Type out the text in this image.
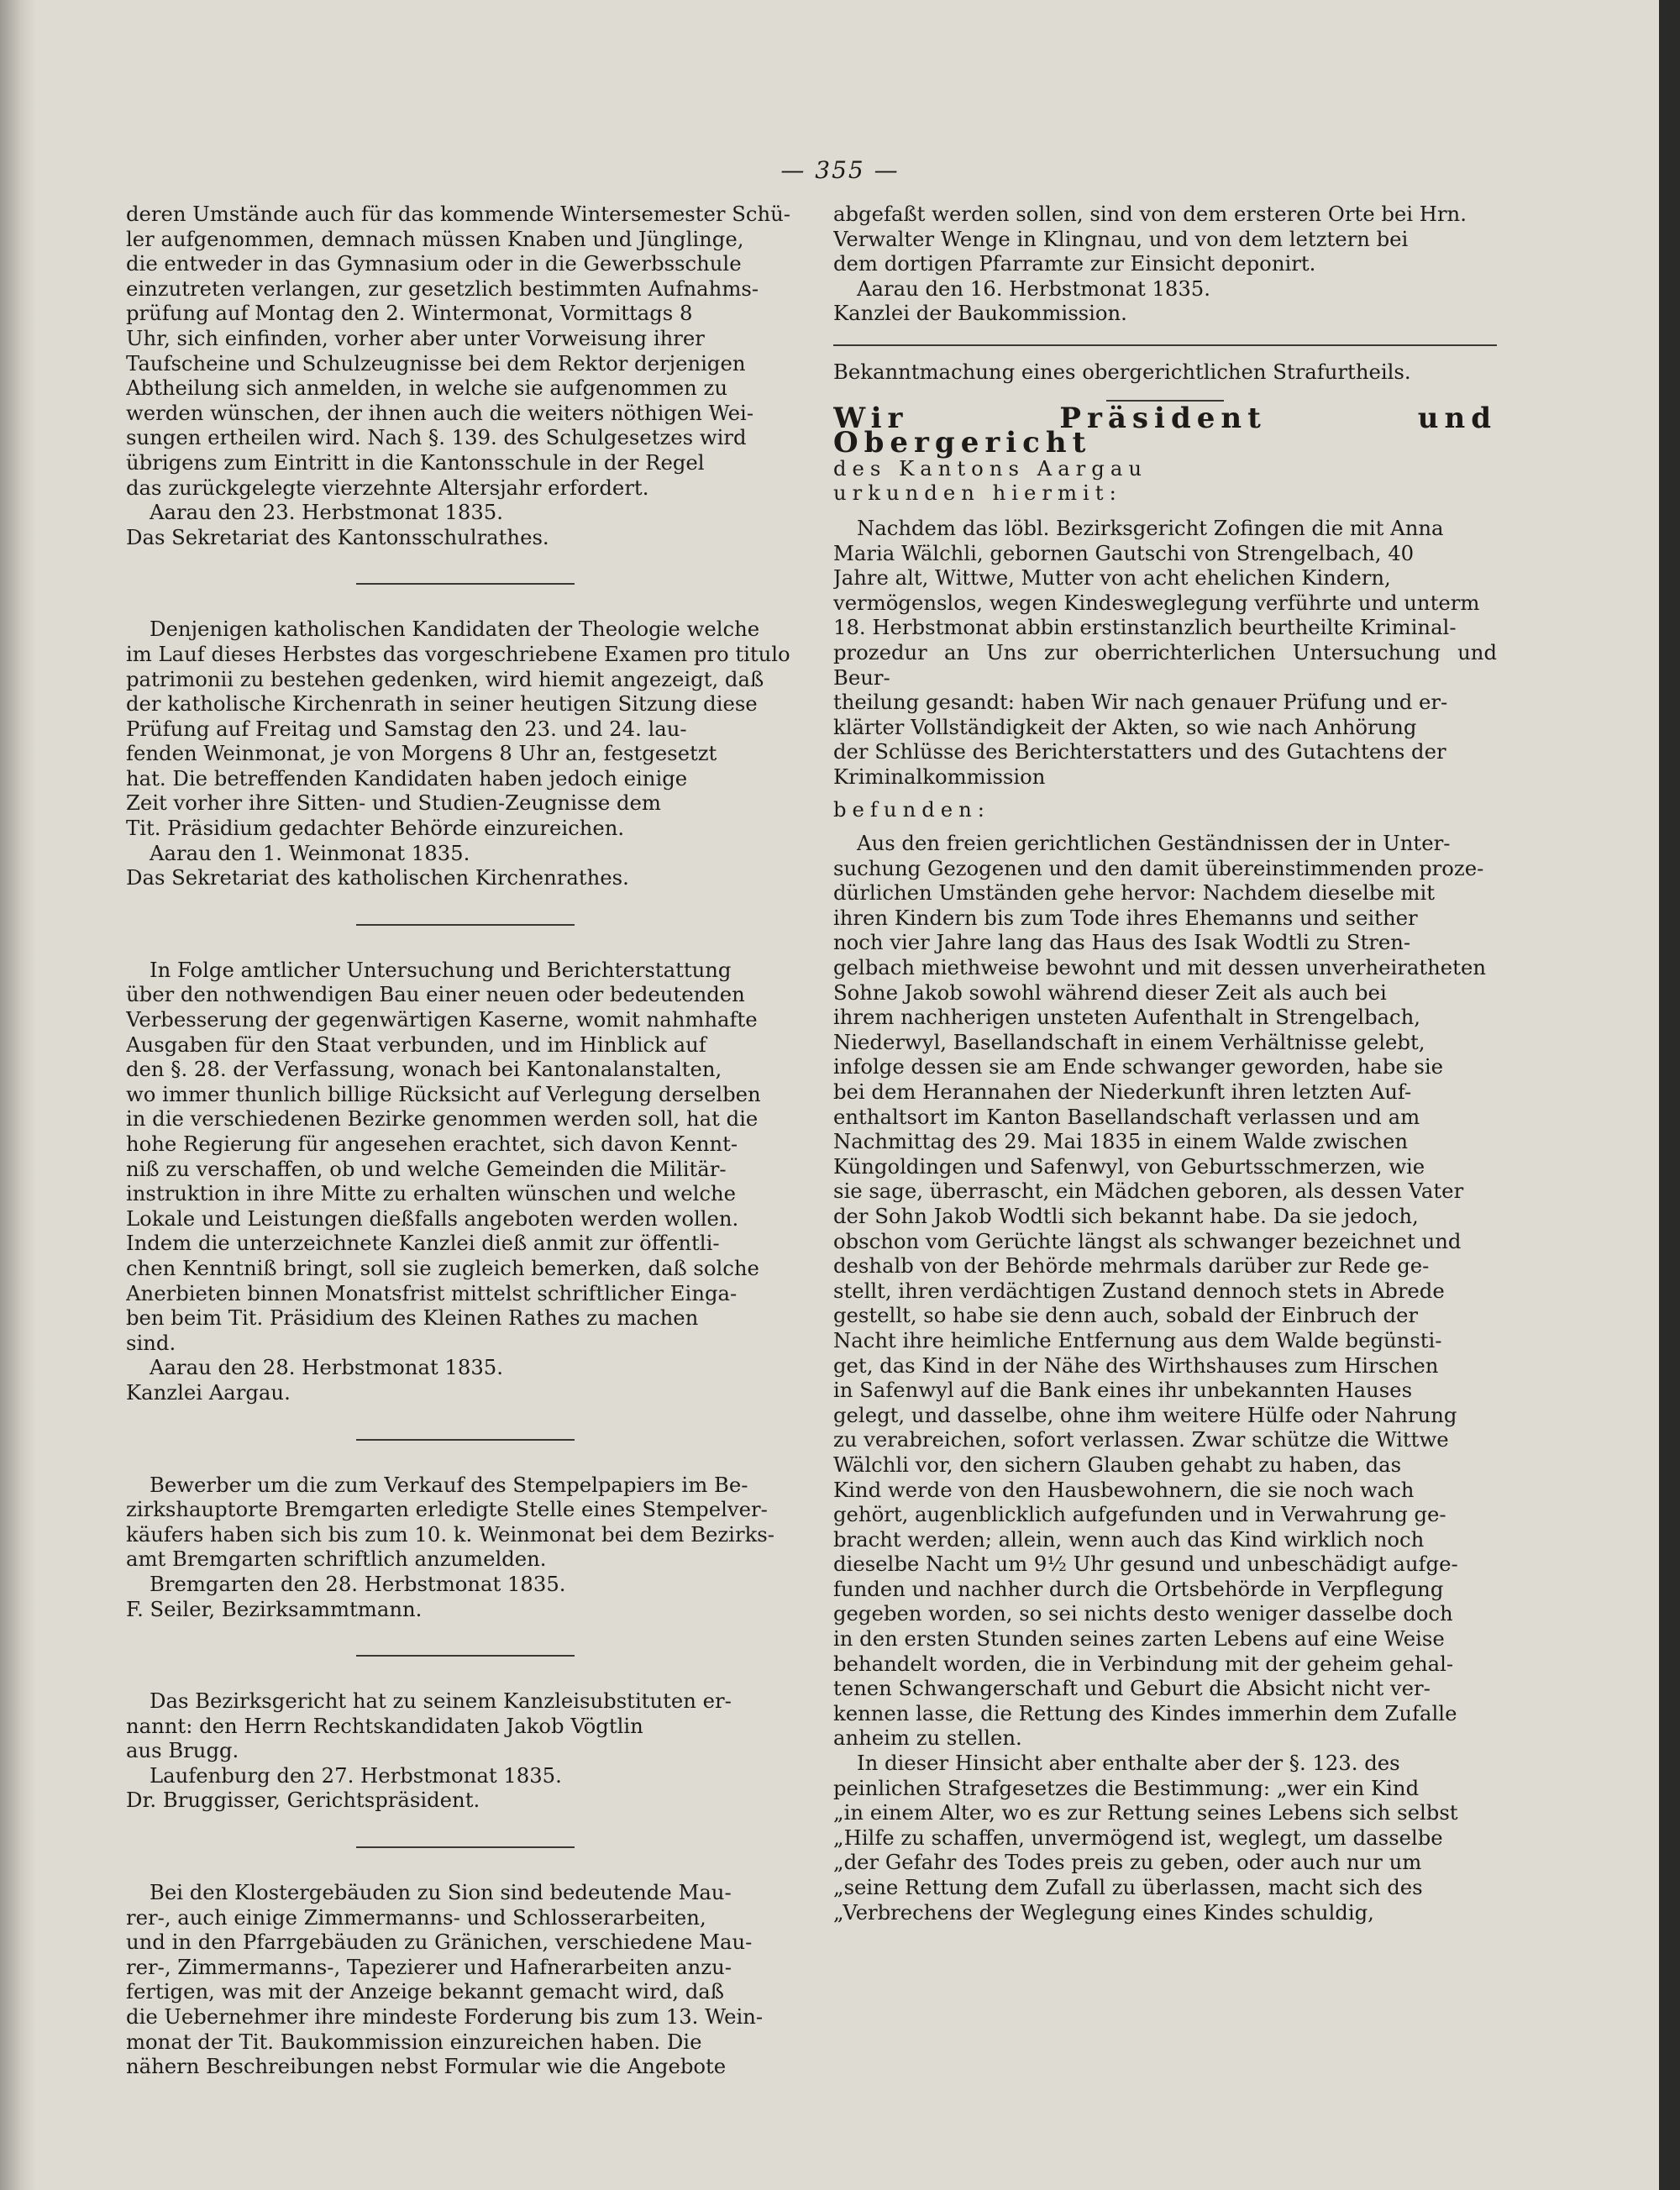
— 355 —

deren Umstände auch für das kommende Wintersemester Schü-

ler aufgenommen, demnach müssen Knaben und Jünglinge,

die entweder in das Gymnasium oder in die Gewerbsschule

einzutreten verlangen, zur gesetzlich bestimmten Aufnahms-

prüfung auf Montag den 2. Wintermonat, Vormittags 8

Uhr, sich einfinden, vorher aber unter Vorweisung ihrer

Taufscheine und Schulzeugnisse bei dem Rektor derjenigen

Abtheilung sich anmelden, in welche sie aufgenommen zu

werden wünschen, der ihnen auch die weiters nöthigen Wei-

sungen ertheilen wird. Nach §. 139. des Schulgesetzes wird

übrigens zum Eintritt in die Kantonsschule in der Regel

das zurückgelegte vierzehnte Altersjahr erfordert.

Aarau den 23. Herbstmonat 1835.

Das Sekretariat des Kantonsschulrathes.

Denjenigen katholischen Kandidaten der Theologie welche

im Lauf dieses Herbstes das vorgeschriebene Examen pro titulo

patrimonii zu bestehen gedenken, wird hiemit angezeigt, daß

der katholische Kirchenrath in seiner heutigen Sitzung diese

Prüfung auf Freitag und Samstag den 23. und 24. lau-

fenden Weinmonat, je von Morgens 8 Uhr an, festgesetzt

hat. Die betreffenden Kandidaten haben jedoch einige

Zeit vorher ihre Sitten- und Studien-Zeugnisse dem

Tit. Präsidium gedachter Behörde einzureichen.

Aarau den 1. Weinmonat 1835.

Das Sekretariat des katholischen Kirchenrathes.

In Folge amtlicher Untersuchung und Berichterstattung

über den nothwendigen Bau einer neuen oder bedeutenden

Verbesserung der gegenwärtigen Kaserne, womit nahmhafte

Ausgaben für den Staat verbunden, und im Hinblick auf

den §. 28. der Verfassung, wonach bei Kantonalanstalten,

wo immer thunlich billige Rücksicht auf Verlegung derselben

in die verschiedenen Bezirke genommen werden soll, hat die

hohe Regierung für angesehen erachtet, sich davon Kennt-

niß zu verschaffen, ob und welche Gemeinden die Militär-

instruktion in ihre Mitte zu erhalten wünschen und welche

Lokale und Leistungen dießfalls angeboten werden wollen.

Indem die unterzeichnete Kanzlei dieß anmit zur öffentli-

chen Kenntniß bringt, soll sie zugleich bemerken, daß solche

Anerbieten binnen Monatsfrist mittelst schriftlicher Eingа-

ben beim Tit. Präsidium des Kleinen Rathes zu machen

sind.

Aarau den 28. Herbstmonat 1835.

Kanzlei Aargau.

Bewerber um die zum Verkauf des Stempelpapiers im Be-

zirkshauptorte Bremgarten erledigte Stelle eines Stempelver-

käufers haben sich bis zum 10. k. Weinmonat bei dem Bezirks-

amt Bremgarten schriftlich anzumelden.

Bremgarten den 28. Herbstmonat 1835.

F. Seiler, Bezirksammtmann.

Das Bezirksgericht hat zu seinem Kanzleisubstituten er-

nannt: den Herrn Rechtskandidaten Jakob Vögtlin

aus Brugg.

Laufenburg den 27. Herbstmonat 1835.

Dr. Bruggisser, Gerichtspräsident.

Bei den Klostergebäuden zu Sion sind bedeutende Mau-

rer-, auch einige Zimmermanns- und Schlosserarbeiten,

und in den Pfarrgebäuden zu Gränichen, verschiedene Mau-

rer-, Zimmermanns-, Tapezierer und Hafnerarbeiten anzu-

fertigen, was mit der Anzeige bekannt gemacht wird, daß

die Uebernehmer ihre mindeste Forderung bis zum 13. Wein-

monat der Tit. Baukommission einzureichen haben. Die

nähern Beschreibungen nebst Formular wie die Angebote

abgefaßt werden sollen, sind von dem ersteren Orte bei Hrn.

Verwalter Wenge in Klingnau, und von dem letztern bei

dem dortigen Pfarramte zur Einsicht deponirt.

Aarau den 16. Herbstmonat 1835.

Kanzlei der Baukommission.

Bekanntmachung eines obergerichtlichen Strafurtheils.

Wir Präsident und Obergericht

des Kantons Aargau

urkunden hiermit:

Nachdem das löbl. Bezirksgericht Zofingen die mit Anna

Maria Wälchli, gebornen Gautschi von Strengelbach, 40

Jahre alt, Wittwe, Mutter von acht ehelichen Kindern,

vermögenslos, wegen Kindesweglegung verführte und unterm

18. Herbstmonat abbin erstinstanzlich beurtheilte Kriminal-

prozedur an Uns zur oberrichterlichen Untersuchung und Beur-

theilung gesandt: haben Wir nach genauer Prüfung und er-

klärter Vollständigkeit der Akten, so wie nach Anhörung

der Schlüsse des Berichterstatters und des Gutachtens der

Kriminalkommission

befunden:

Aus den freien gerichtlichen Geständnissen der in Unter-

suchung Gezogenen und den damit übereinstimmenden proze-

dürlichen Umständen gehe hervor: Nachdem dieselbe mit

ihren Kindern bis zum Tode ihres Ehemanns und seither

noch vier Jahre lang das Haus des Isak Wodtli zu Stren-

gelbach miethweise bewohnt und mit dessen unverheiratheten

Sohne Jakob sowohl während dieser Zeit als auch bei

ihrem nachherigen unsteten Aufenthalt in Strengelbach,

Niederwyl, Basellandschaft in einem Verhältnisse gelebt,

infolge dessen sie am Ende schwanger geworden, habe sie

bei dem Herannahen der Niederkunft ihren letzten Auf-

enthaltsort im Kanton Basellandschaft verlassen und am

Nachmittag des 29. Mai 1835 in einem Walde zwischen

Küngoldingen und Safenwyl, von Geburtsschmerzen, wie

sie sage, überrascht, ein Mädchen geboren, als dessen Vater

der Sohn Jakob Wodtli sich bekannt habe. Da sie jedoch,

obschon vom Gerüchte längst als schwanger bezeichnet und

deshalb von der Behörde mehrmals darüber zur Rede ge-

stellt, ihren verdächtigen Zustand dennoch stets in Abrede

gestellt, so habe sie denn auch, sobald der Einbruch der

Nacht ihre heimliche Entfernung aus dem Walde begünsti-

get, das Kind in der Nähe des Wirthshauses zum Hirschen

in Safenwyl auf die Bank eines ihr unbekannten Hauses

gelegt, und dasselbe, ohne ihm weitere Hülfe oder Nahrung

zu verabreichen, sofort verlassen. Zwar schütze die Wittwe

Wälchli vor, den sichern Glauben gehabt zu haben, das

Kind werde von den Hausbewohnern, die sie noch wach

gehört, augenblicklich aufgefunden und in Verwahrung ge-

bracht werden; allein, wenn auch das Kind wirklich noch

dieselbe Nacht um 9½ Uhr gesund und unbeschädigt aufge-

funden und nachher durch die Ortsbehörde in Verpflegung

gegeben worden, so sei nichts desto weniger dasselbe doch

in den ersten Stunden seines zarten Lebens auf eine Weise

behandelt worden, die in Verbindung mit der geheim gehal-

tenen Schwangerschaft und Geburt die Absicht nicht ver-

kennen lasse, die Rettung des Kindes immerhin dem Zufalle

anheim zu stellen.

In dieser Hinsicht aber enthalte aber der §. 123. des

peinlichen Strafgesetzes die Bestimmung: „wer ein Kind

„in einem Alter, wo es zur Rettung seines Lebens sich selbst

„Hilfe zu schaffen, unvermögend ist, weglegt, um dasselbe

„der Gefahr des Todes preis zu geben, oder auch nur um

„seine Rettung dem Zufall zu überlassen, macht sich des

„Verbrechens der Weglegung eines Kindes schuldig,
